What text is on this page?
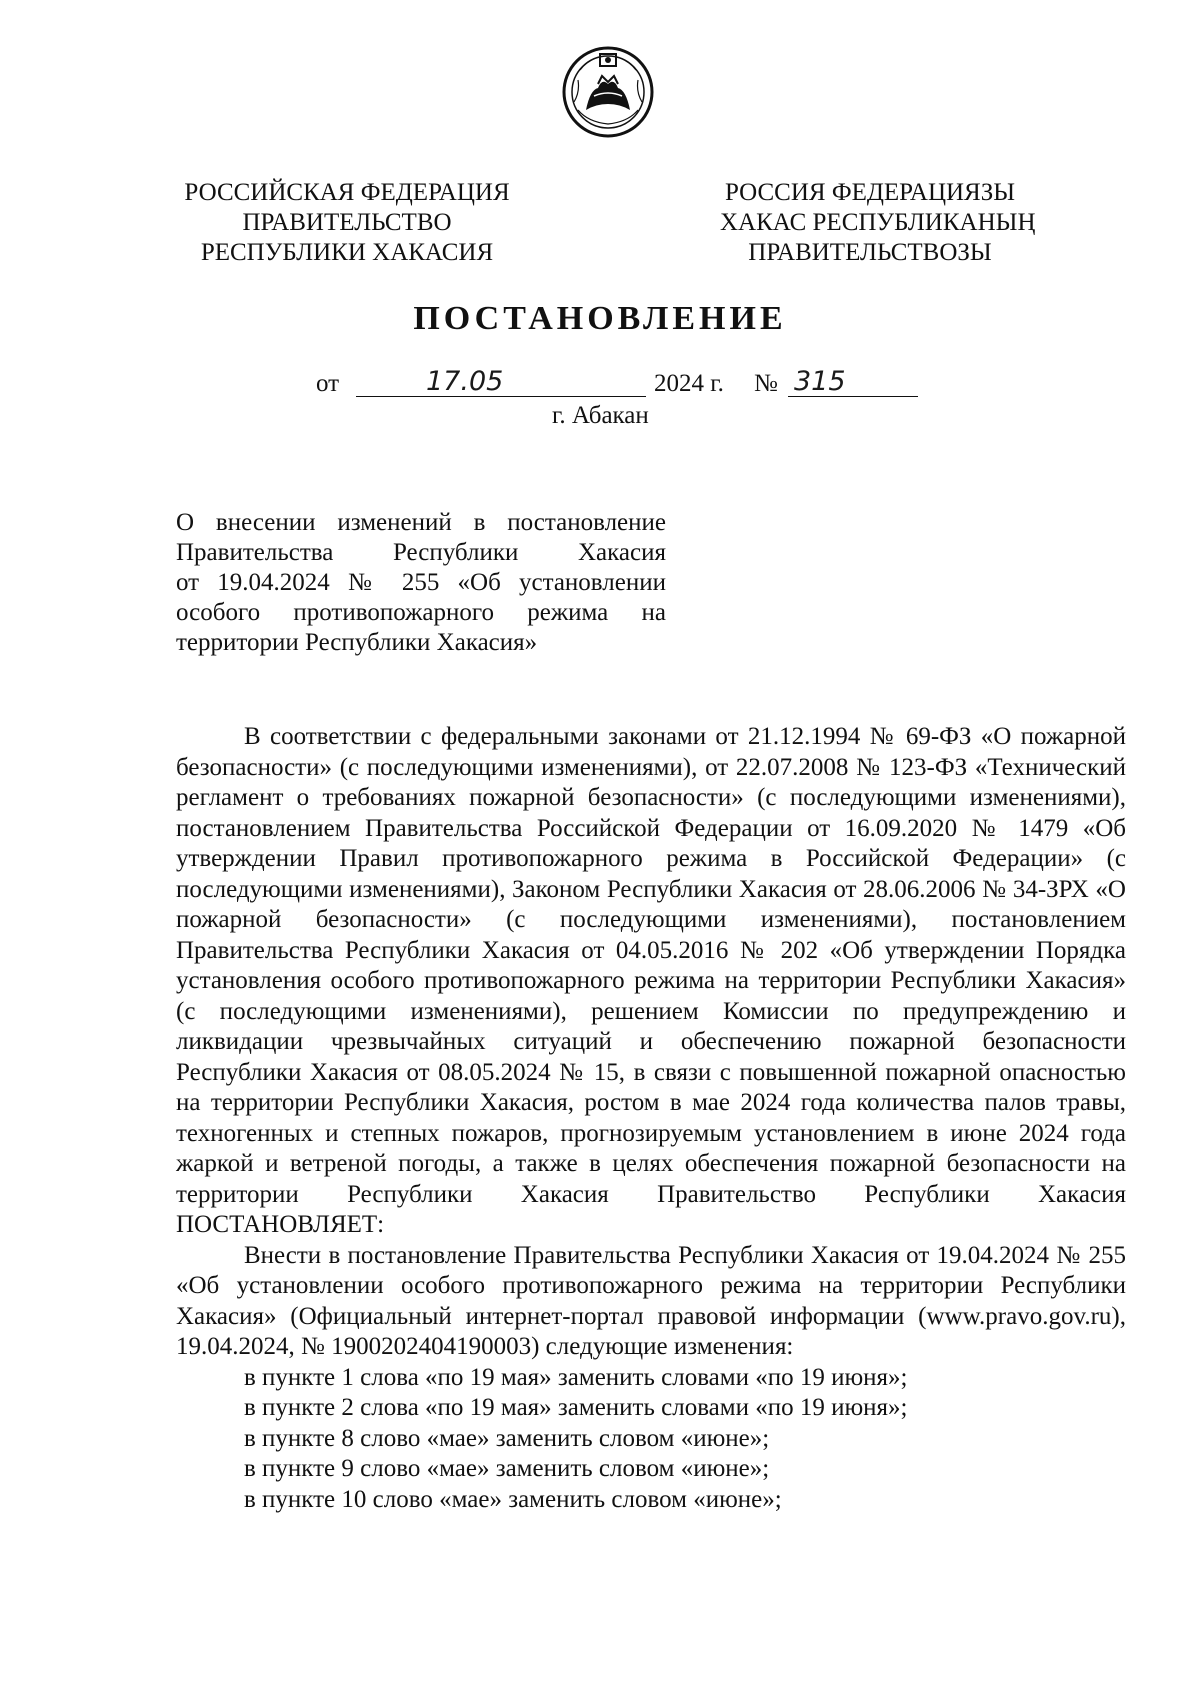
РОССИЙСКАЯ ФЕДЕРАЦИЯ
ПРАВИТЕЛЬСТВО
РЕСПУБЛИКИ ХАКАСИЯ
РОССИЯ ФЕДЕРАЦИЯЗЫ
ХАКАС РЕСПУБЛИКАНЫҢ
ПРАВИТЕЛЬСТВОЗЫ
ПОСТАНОВЛЕНИЕ
от	17.05	2024 г. № 315
г. Абакан
О внесении изменений в постановление
Правительства Республики Хакасия
от 19.04.2024 № 255 «Об установлении
особого противопожарного режима на
территории Республики Хакасия»

В соответствии с федеральными законами от 21.12.1994 № 69-ФЗ «О пожарной безопасности» (с последующими изменениями), от 22.07.2008 № 123-ФЗ «Технический регламент о требованиях пожарной безопасности» (с последующими изменениями), постановлением Правительства Российской Федерации от 16.09.2020 № 1479 «Об утверждении Правил противопожарного режима в Российской Федерации» (с последующими изменениями), Законом Республики Хакасия от 28.06.2006 № 34-ЗРХ «О пожарной безопасности» (с последующими изменениями), постановлением Правительства Республики Хакасия от 04.05.2016 № 202 «Об утверждении Порядка установления особого противопожарного режима на территории Республики Хакасия» (с последующими изменениями), решением Комиссии по предупреждению и ликвидации чрезвычайных ситуаций и обеспечению пожарной безопасности Республики Хакасия от 08.05.2024 № 15, в связи с повышенной пожарной опасностью на территории Республики Хакасия, ростом в мае 2024 года количества палов травы, техногенных и степных пожаров, прогнозируемым установлением в июне 2024 года жаркой и ветреной погоды, а также в целях обеспечения пожарной безопасности на территории Республики Хакасия Правительство Республики Хакасия ПОСТАНОВЛЯЕТ:

Внести в постановление Правительства Республики Хакасия от 19.04.2024 № 255 «Об установлении особого противопожарного режима на территории Республики Хакасия» (Официальный интернет-портал правовой информации (www.pravo.gov.ru), 19.04.2024, № 1900202404190003) следующие изменения:

в пункте 1 слова «по 19 мая» заменить словами «по 19 июня»;

в пункте 2 слова «по 19 мая» заменить словами «по 19 июня»;

в пункте 8 слово «мае» заменить словом «июне»;

в пункте 9 слово «мае» заменить словом «июне»;

в пункте 10 слово «мае» заменить словом «июне»;
